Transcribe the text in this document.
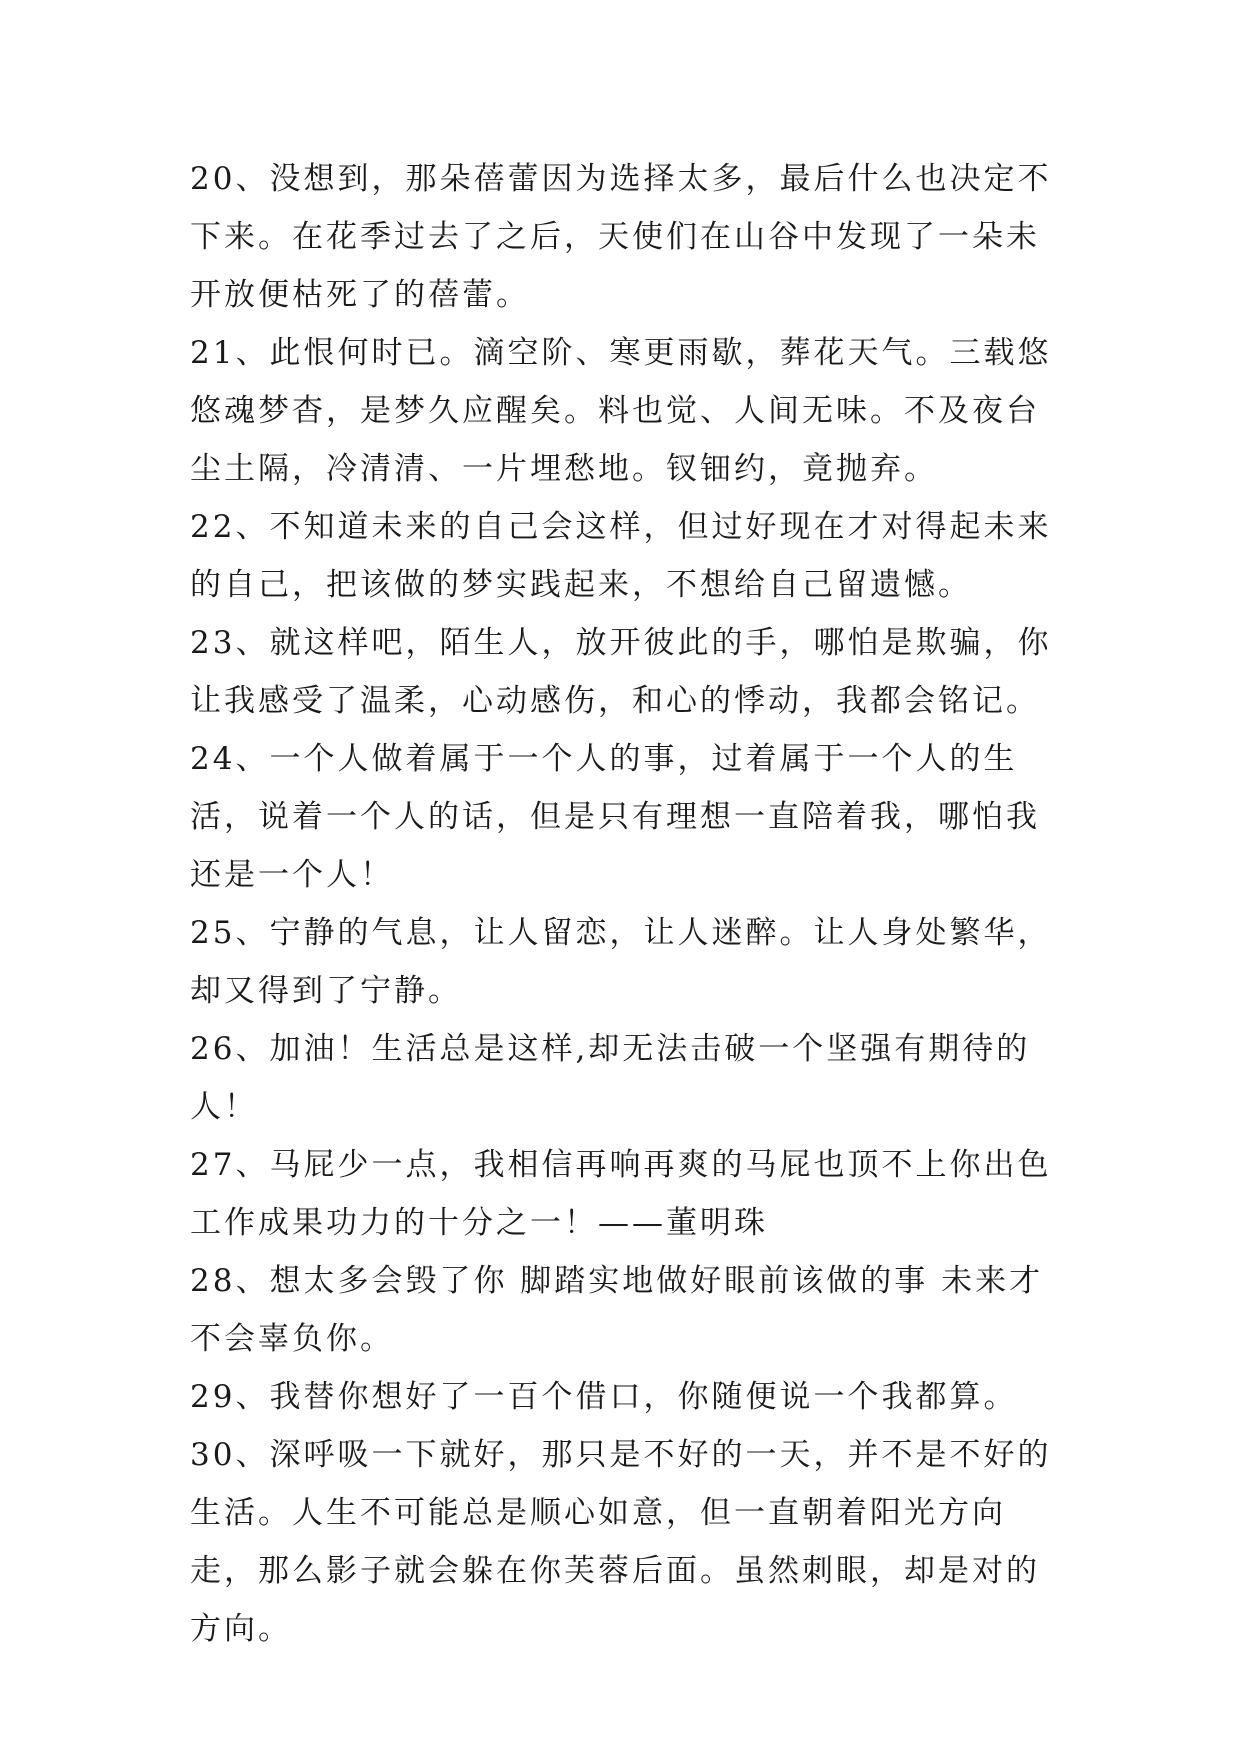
20、没想到，那朵蓓蕾因为选择太多，最后什么也决定不下来。在花季过去了之后，天使们在山谷中发现了一朵未开放便枯死了的蓓蕾。

21、此恨何时已。滴空阶、寒更雨歇，葬花天气。三载悠悠魂梦杳，是梦久应醒矣。料也觉、人间无味。不及夜台尘土隔，冷清清、一片埋愁地。钗钿约，竟抛弃。

22、不知道未来的自己会这样，但过好现在才对得起未来的自己，把该做的梦实践起来，不想给自己留遗憾。

23、就这样吧，陌生人，放开彼此的手，哪怕是欺骗，你让我感受了温柔，心动感伤，和心的悸动，我都会铭记。

24、一个人做着属于一个人的事，过着属于一个人的生活，说着一个人的话，但是只有理想一直陪着我，哪怕我还是一个人！

25、宁静的气息，让人留恋，让人迷醉。让人身处繁华，却又得到了宁静。

26、加油！生活总是这样,却无法击破一个坚强有期待的人！

27、马屁少一点，我相信再响再爽的马屁也顶不上你出色工作成果功力的十分之一！——董明珠

28、想太多会毁了你 脚踏实地做好眼前该做的事 未来才不会辜负你。

29、我替你想好了一百个借口，你随便说一个我都算。

30、深呼吸一下就好，那只是不好的一天，并不是不好的生活。人生不可能总是顺心如意，但一直朝着阳光方向走，那么影子就会躲在你芙蓉后面。虽然刺眼，却是对的方向。
